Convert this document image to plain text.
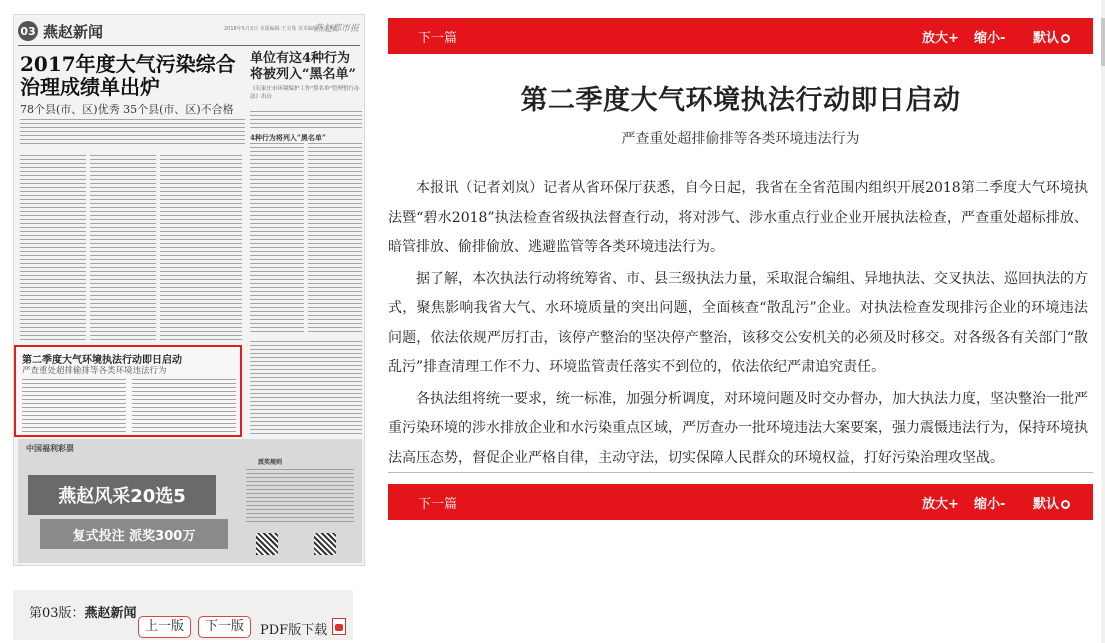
03 燕赵新闻	2018年5月3日 本版编辑 王灵珠 美术编辑 于 纪明
燕赵都市报
2017年度大气污染综合治理成绩单出炉
78个县(市、区)优秀 35个县(市、区)不合格
单位有这4种行为将被列入“黑名单”
《石家庄市环境保护工作"黑名单"管理暂行办法》出台
4种行为将列入“黑名单”
第二季度大气环境执法行动即日启动
严查重处超排偷排等各类环境违法行为
中国福利彩票
燕赵风采20选5
复式投注 派奖300万
派奖规则
第03版：燕赵新闻
上一版	下一版	PDF版下载
下一篇	放大+ 缩小- 默认
第二季度大气环境执法行动即日启动
严查重处超排偷排等各类环境违法行为

本报讯（记者刘岚）记者从省环保厅获悉，自今日起，我省在全省范围内组织开展2018第二季度大气环境执法暨“碧水2018”执法检查省级执法督查行动，将对涉气、涉水重点行业企业开展执法检查，严查重处超标排放、暗管排放、偷排偷放、逃避监管等各类环境违法行为。

据了解，本次执法行动将统筹省、市、县三级执法力量，采取混合编组、异地执法、交叉执法、巡回执法的方式，聚焦影响我省大气、水环境质量的突出问题，全面核查“散乱污”企业。对执法检查发现排污企业的环境违法问题，依法依规严厉打击，该停产整治的坚决停产整治，该移交公安机关的必须及时移交。对各级各有关部门“散乱污”排查清理工作不力、环境监管责任落实不到位的，依法依纪严肃追究责任。

各执法组将统一要求，统一标准，加强分析调度，对环境问题及时交办督办，加大执法力度，坚决整治一批严重污染环境的涉水排放企业和水污染重点区域，严厉查办一批环境违法大案要案，强力震慑违法行为，保持环境执法高压态势，督促企业严格自律，主动守法，切实保障人民群众的环境权益，打好污染治理攻坚战。

下一篇	放大+ 缩小- 默认
